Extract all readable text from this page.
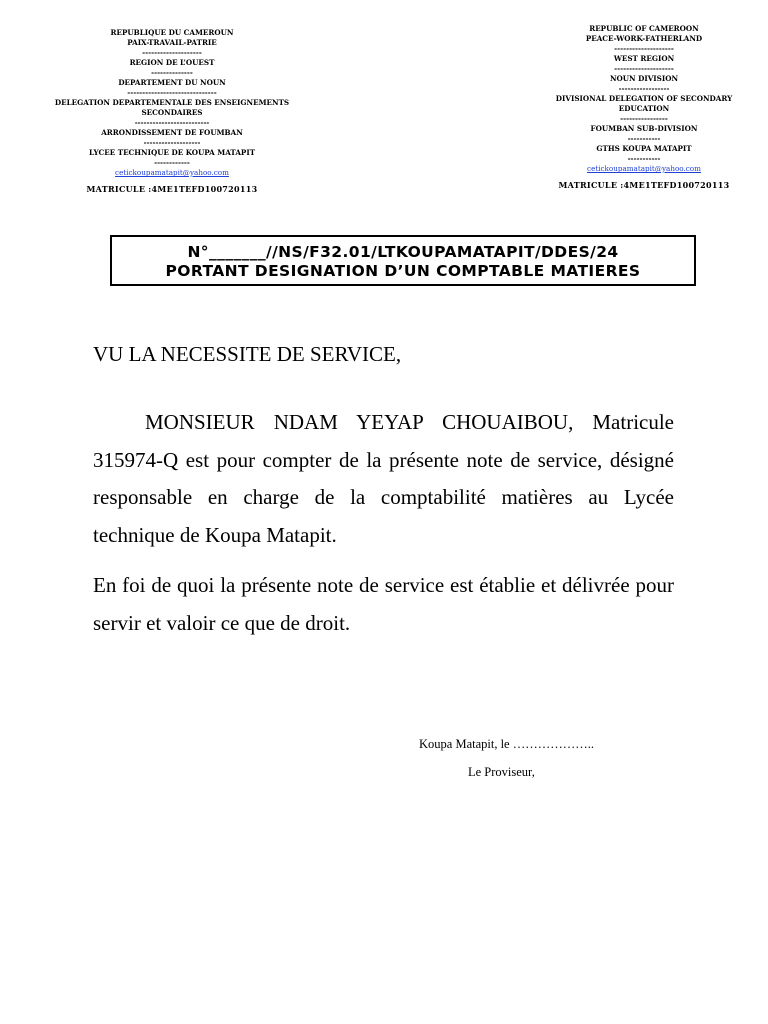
REPUBLIQUE DU CAMEROUN
PAIX-TRAVAIL-PATRIE
--------------------
REGION DE L’OUEST
--------------
DEPARTEMENT DU NOUN
------------------------------
DELEGATION DEPARTEMENTALE DES ENSEIGNEMENTS SECONDAIRES
-------------------------
ARRONDISSEMENT DE FOUMBAN
-------------------
LYCEE TECHNIQUE DE KOUPA MATAPIT
------------
cetickoupamatapit@yahoo.com
MATRICULE :4ME1TEFD100720113
REPUBLIC OF CAMEROON
PEACE-WORK-FATHERLAND
--------------------
WEST REGION
--------------------
NOUN DIVISION
-----------------
DIVISIONAL DELEGATION OF SECONDARY EDUCATION
----------------
FOUMBAN SUB-DIVISION
-----------
GTHS KOUPA MATAPIT
-----------
cetickoupamatapit@yahoo.com
MATRICULE :4ME1TEFD100720113
N°_______//NS/F32.01/LTKOUPAMATAPIT/DDES/24
PORTANT DESIGNATION D’UN COMPTABLE MATIERES
VU LA NECESSITE DE SERVICE,
MONSIEUR NDAM YEYAP CHOUAIBOU, Matricule 315974-Q est pour compter de la présente note de service, désigné responsable en charge de la comptabilité matières au Lycée technique de Koupa Matapit.
En foi de quoi la présente note de service est établie et délivrée pour servir et valoir ce que de droit.
Koupa Matapit, le ………………..
Le Proviseur,
